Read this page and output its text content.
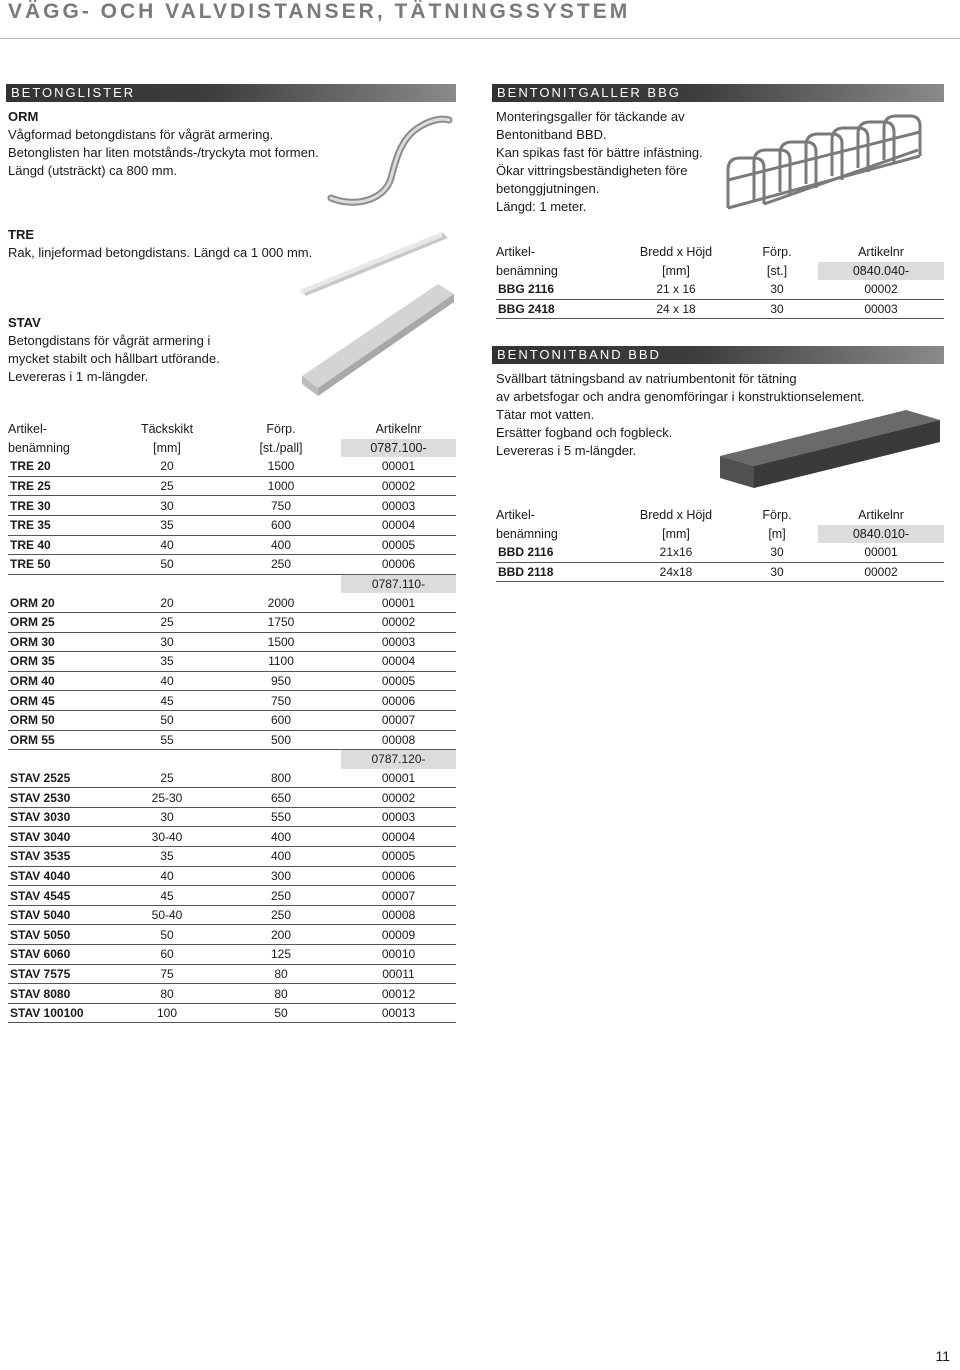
VÄGG- OCH VALVDISTANSER, TÄTNINGSSYSTEM
BETONGLISTER
ORM
Vågformad betongdistans för vågrät armering.
Betonglisten har liten motstånds-/tryckyta mot formen.
Längd (utsträckt) ca 800 mm.
TRE
Rak, linjeformad betongdistans. Längd ca 1 000 mm.
STAV
Betongdistans för vågrät armering i
mycket stabilt och hållbart utförande.
Levereras i 1 m-längder.
Artikel-	Täckskikt	Förp.	Artikelnr
benämning	[mm]	[st./pall]	0787.100-
TRE 20	20	1500	00001
TRE 25	25	1000	00002
TRE 30	30	750	00003
TRE 35	35	600	00004
TRE 40	40	400	00005
TRE 50	50	250	00006
			0787.110-
ORM 20	20	2000	00001
ORM 25	25	1750	00002
ORM 30	30	1500	00003
ORM 35	35	1100	00004
ORM 40	40	950	00005
ORM 45	45	750	00006
ORM 50	50	600	00007
ORM 55	55	500	00008
			0787.120-
STAV 2525	25	800	00001
STAV 2530	25-30	650	00002
STAV 3030	30	550	00003
STAV 3040	30-40	400	00004
STAV 3535	35	400	00005
STAV 4040	40	300	00006
STAV 4545	45	250	00007
STAV 5040	50-40	250	00008
STAV 5050	50	200	00009
STAV 6060	60	125	00010
STAV 7575	75	80	00011
STAV 8080	80	80	00012
STAV 100100	100	50	00013
BENTONITGALLER BBG
Monteringsgaller för täckande av
Bentonitband BBD.
Kan spikas fast för bättre infästning.
Ökar vittringsbeständigheten före
betonggjutningen.
Längd: 1 meter.
Artikel-	Bredd x Höjd	Förp.	Artikelnr
benämning	[mm]	[st.]	0840.040-
BBG 2116	21 x 16	30	00002
BBG 2418	24 x 18	30	00003
BENTONITBAND BBD
Svällbart tätningsband av natriumbentonit för tätning
av arbetsfogar och andra genomföringar i konstruktionselement.
Tätar mot vatten.
Ersätter fogband och fogbleck.
Levereras i 5 m-längder.
Artikel-	Bredd x Höjd	Förp.	Artikelnr
benämning	[mm]	[m]	0840.010-
BBD 2116	21x16	30	00001
BBD 2118	24x18	30	00002
11
